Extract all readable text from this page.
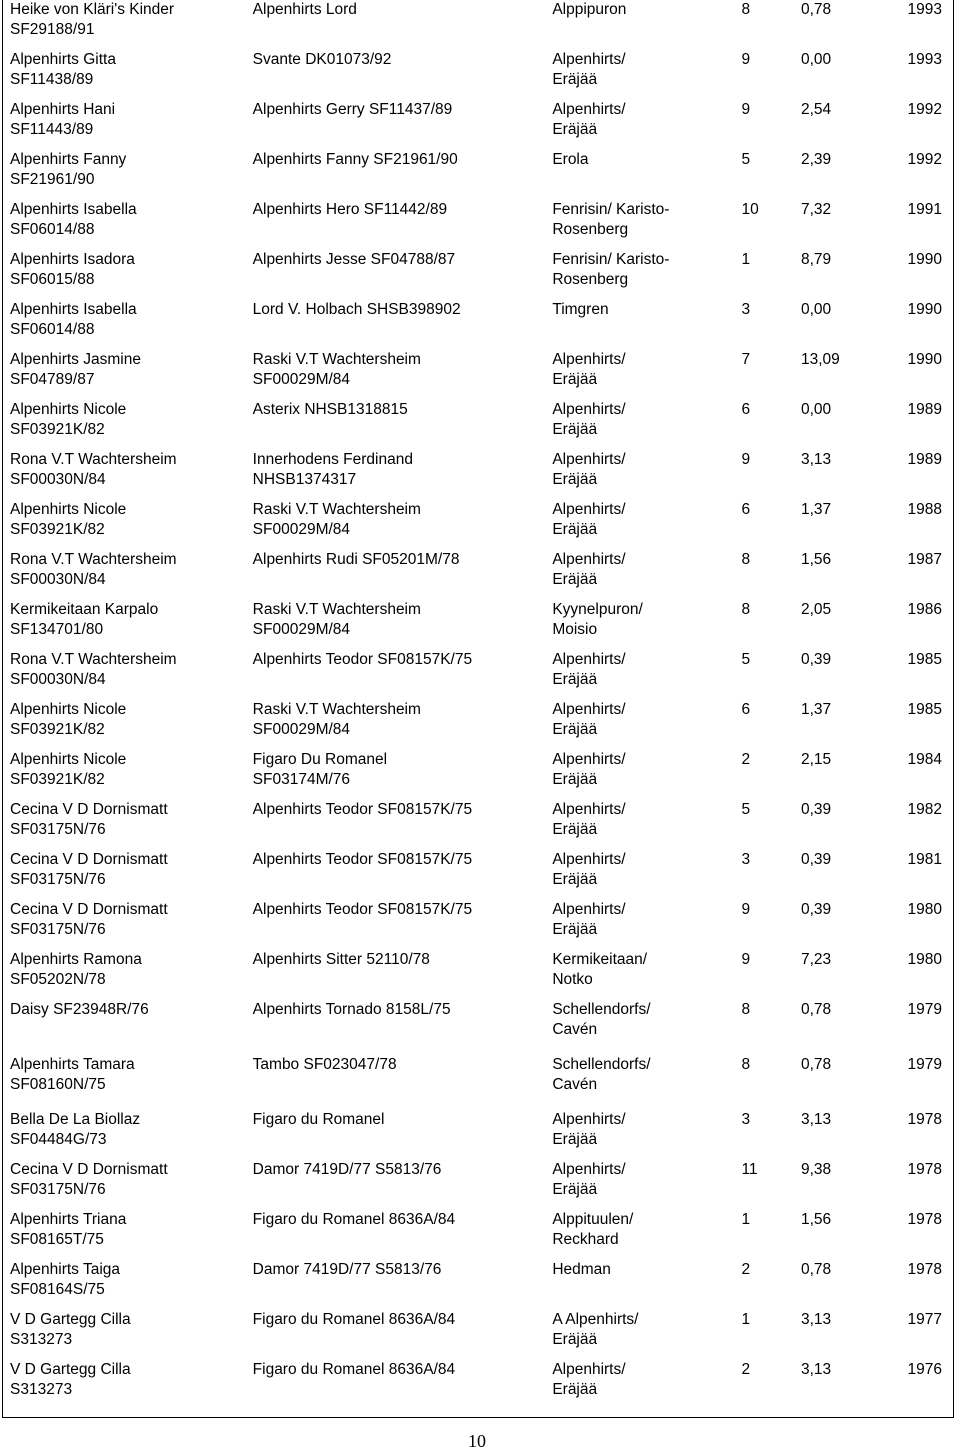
Heike von Kläri's Kinder
SF29188/91	Alpenhirts Lord	Alppipuron	8	0,78	1993

Alpenhirts Gitta
SF11438/89	Svante DK01073/92	Alpenhirts/
Eräjää	9	0,00	1993

Alpenhirts Hani
SF11443/89	Alpenhirts Gerry SF11437/89	Alpenhirts/
Eräjää	9	2,54	1992

Alpenhirts Fanny
SF21961/90	Alpenhirts Fanny SF21961/90	Erola	5	2,39	1992

Alpenhirts Isabella
SF06014/88	Alpenhirts Hero SF11442/89	Fenrisin/ Karisto-
Rosenberg	10	7,32	1991

Alpenhirts Isadora
SF06015/88	Alpenhirts Jesse SF04788/87	Fenrisin/ Karisto-
Rosenberg	1	8,79	1990

Alpenhirts Isabella
SF06014/88	Lord V. Holbach SHSB398902	Timgren	3	0,00	1990

Alpenhirts Jasmine
SF04789/87	Raski V.T Wachtersheim
SF00029M/84	Alpenhirts/
Eräjää	7	13,09	1990

Alpenhirts Nicole
SF03921K/82	Asterix NHSB1318815	Alpenhirts/
Eräjää	6	0,00	1989

Rona V.T Wachtersheim
SF00030N/84	Innerhodens Ferdinand
NHSB1374317	Alpenhirts/
Eräjää	9	3,13	1989

Alpenhirts Nicole
SF03921K/82	Raski V.T Wachtersheim
SF00029M/84	Alpenhirts/
Eräjää	6	1,37	1988

Rona V.T Wachtersheim
SF00030N/84	Alpenhirts Rudi SF05201M/78	Alpenhirts/
Eräjää	8	1,56	1987

Kermikeitaan Karpalo
SF134701/80	Raski V.T Wachtersheim
SF00029M/84	Kyynelpuron/
Moisio	8	2,05	1986

Rona V.T Wachtersheim
SF00030N/84	Alpenhirts Teodor SF08157K/75	Alpenhirts/
Eräjää	5	0,39	1985

Alpenhirts Nicole
SF03921K/82	Raski V.T Wachtersheim
SF00029M/84	Alpenhirts/
Eräjää	6	1,37	1985

Alpenhirts Nicole
SF03921K/82	Figaro Du Romanel
SF03174M/76	Alpenhirts/
Eräjää	2	2,15	1984

Cecina V D Dornismatt
SF03175N/76	Alpenhirts Teodor SF08157K/75	Alpenhirts/
Eräjää	5	0,39	1982

Cecina V D Dornismatt
SF03175N/76	Alpenhirts Teodor SF08157K/75	Alpenhirts/
Eräjää	3	0,39	1981

Cecina V D Dornismatt
SF03175N/76	Alpenhirts Teodor SF08157K/75	Alpenhirts/
Eräjää	9	0,39	1980

Alpenhirts Ramona
SF05202N/78	Alpenhirts Sitter 52110/78	Kermikeitaan/
Notko	9	7,23	1980

Daisy SF23948R/76	Alpenhirts Tornado 8158L/75	Schellendorfs/
Cavén	8	0,78	1979

Alpenhirts Tamara
SF08160N/75	Tambo SF023047/78	Schellendorfs/
Cavén	8	0,78	1979

Bella De La Biollaz
SF04484G/73	Figaro du Romanel	Alpenhirts/
Eräjää	3	3,13	1978

Cecina V D Dornismatt
SF03175N/76	Damor 7419D/77 S5813/76	Alpenhirts/
Eräjää	11	9,38	1978

Alpenhirts Triana
SF08165T/75	Figaro du Romanel 8636A/84	Alppituulen/
Reckhard	1	1,56	1978

Alpenhirts Taiga
SF08164S/75	Damor 7419D/77 S5813/76	Hedman	2	0,78	1978

V D Gartegg Cilla
S313273	Figaro du Romanel 8636A/84	A Alpenhirts/
Eräjää	1	3,13	1977

V D Gartegg Cilla
S313273	Figaro du Romanel 8636A/84	Alpenhirts/
Eräjää	2	3,13	1976
10
